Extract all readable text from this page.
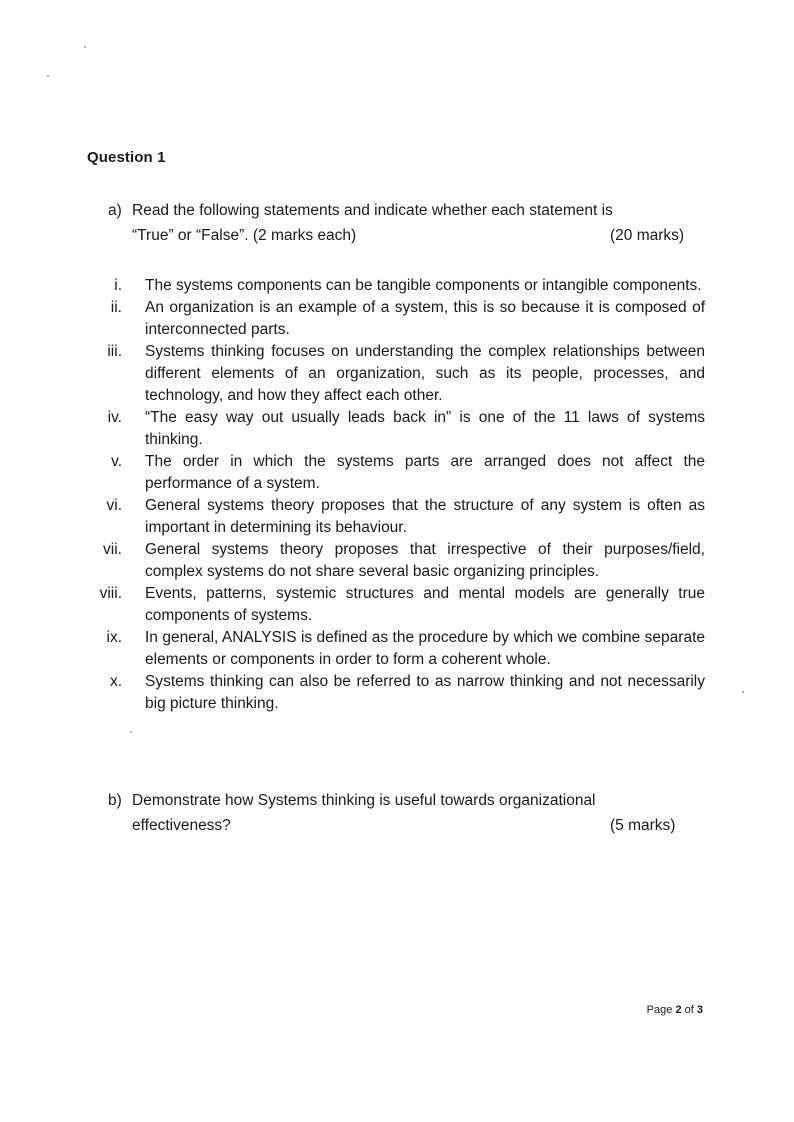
Question 1
a) Read the following statements and indicate whether each statement is
“True” or “False”. (2 marks each)	(20 marks)
i. The systems components can be tangible components or intangible components.
ii. An organization is an example of a system, this is so because it is composed of interconnected parts.
iii. Systems thinking focuses on understanding the complex relationships between different elements of an organization, such as its people, processes, and technology, and how they affect each other.
iv. “The easy way out usually leads back in” is one of the 11 laws of systems thinking.
v. The order in which the systems parts are arranged does not affect the performance of a system.
vi. General systems theory proposes that the structure of any system is often as important in determining its behaviour.
vii. General systems theory proposes that irrespective of their purposes/field, complex systems do not share several basic organizing principles.
viii. Events, patterns, systemic structures and mental models are generally true components of systems.
ix. In general, ANALYSIS is defined as the procedure by which we combine separate elements or components in order to form a coherent whole.
x. Systems thinking can also be referred to as narrow thinking and not necessarily big picture thinking.
b) Demonstrate how Systems thinking is useful towards organizational
effectiveness?	(5 marks)
Page 2 of 3
